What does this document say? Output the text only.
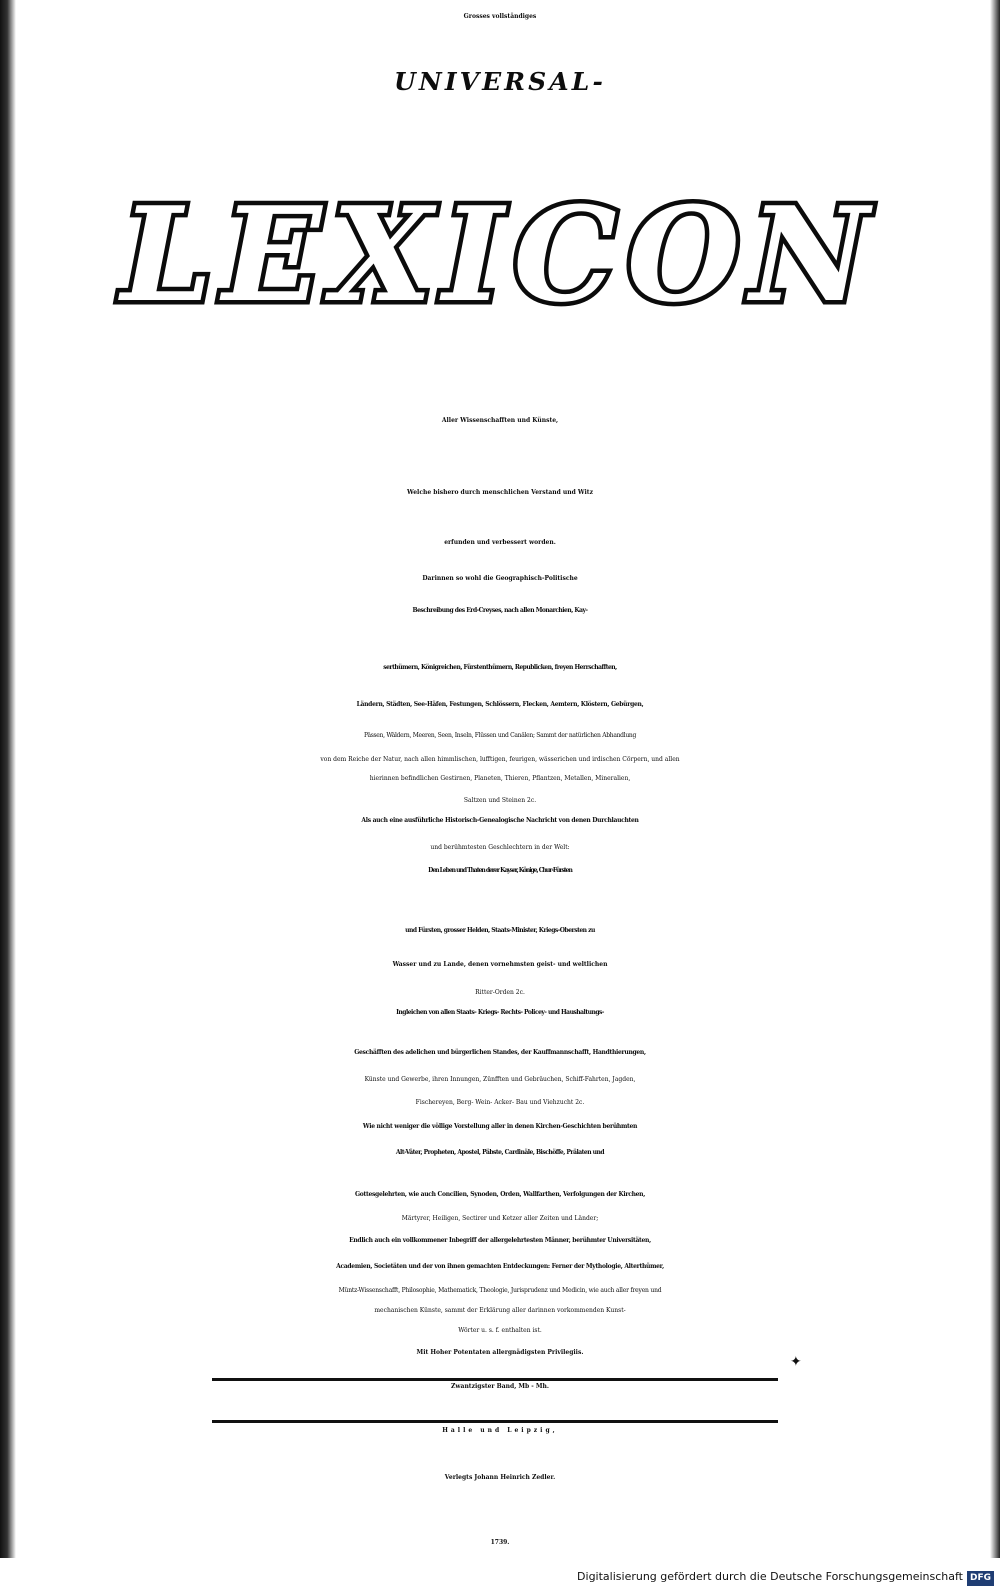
Grosses vollständiges
UNIVERSAL-
LEXICON
Aller Wissenschafften und Künste,
Welche bishero durch menschlichen Verstand und Witz
erfunden und verbessert worden.
Darinnen so wohl die Geographisch-Politische
Beschreibung des Erd-Creyses, nach allen Monarchien, Kay-
serthümern, Königreichen, Fürstenthümern, Republicken, freyen Herrschafften,
Ländern, Städten, See-Häfen, Festungen, Schlössern, Flecken, Aemtern, Klöstern, Gebürgen,
Pässen, Wäldern, Meeren, Seen, Inseln, Flüssen und Canälen; Sammt der natürlichen Abhandlung
von dem Reiche der Natur, nach allen himmlischen, lufftigen, feurigen, wässerichen und irdischen Cörpern, und allen
hierinnen befindlichen Gestirnen, Planeten, Thieren, Pflantzen, Metallen, Mineralien,
Saltzen und Steinen 2c.
Als auch eine ausführliche Historisch-Genealogische Nachricht von denen Durchlauchten
und berühmtesten Geschlechtern in der Welt:
Den Leben und Thaten derer Kayser, Könige, Chur-Fürsten
und Fürsten, grosser Helden, Staats-Minister, Kriegs-Obersten zu
Wasser und zu Lande, denen vornehmsten geist- und weltlichen
Ritter-Orden 2c.
Ingleichen von allen Staats- Kriegs- Rechts- Policey- und Haushaltungs-
Geschäfften des adelichen und bürgerlichen Standes, der Kauffmannschafft, Handthierungen,
Künste und Gewerbe, ihren Innungen, Zünfften und Gebräuchen, Schiff-Fahrten, Jagden,
Fischereyen, Berg- Wein- Acker- Bau und Viehzucht 2c.
Wie nicht weniger die völlige Vorstellung aller in denen Kirchen-Geschichten berühmten
Alt-Väter, Propheten, Apostel, Päbste, Cardinäle, Bischöffe, Prälaten und
Gottesgelehrten, wie auch Concilien, Synoden, Orden, Wallfarthen, Verfolgungen der Kirchen,
Märtyrer, Heiligen, Sectirer und Ketzer aller Zeiten und Länder;
Endlich auch ein vollkommener Inbegriff der allergelehrtesten Männer, berühmter Universitäten,
Academien, Societäten und der von ihnen gemachten Entdeckungen: Ferner der Mythologie, Alterthümer,
Müntz-Wissenschafft, Philosophie, Mathematick, Theologie, Jurisprudenz und Medicin, wie auch aller freyen und
mechanischen Künste, sammt der Erklärung aller darinnen vorkommenden Kunst-
Wörter u. s. f. enthalten ist.
Mit Hoher Potentaten allergnädigsten Privilegiis.
✦
Zwantzigster Band, Mb - Mh.
Halle und Leipzig,
Verlegts Johann Heinrich Zedler.
1739.
Digitalisierung gefördert durch die Deutsche Forschungsgemeinschaft DFG
